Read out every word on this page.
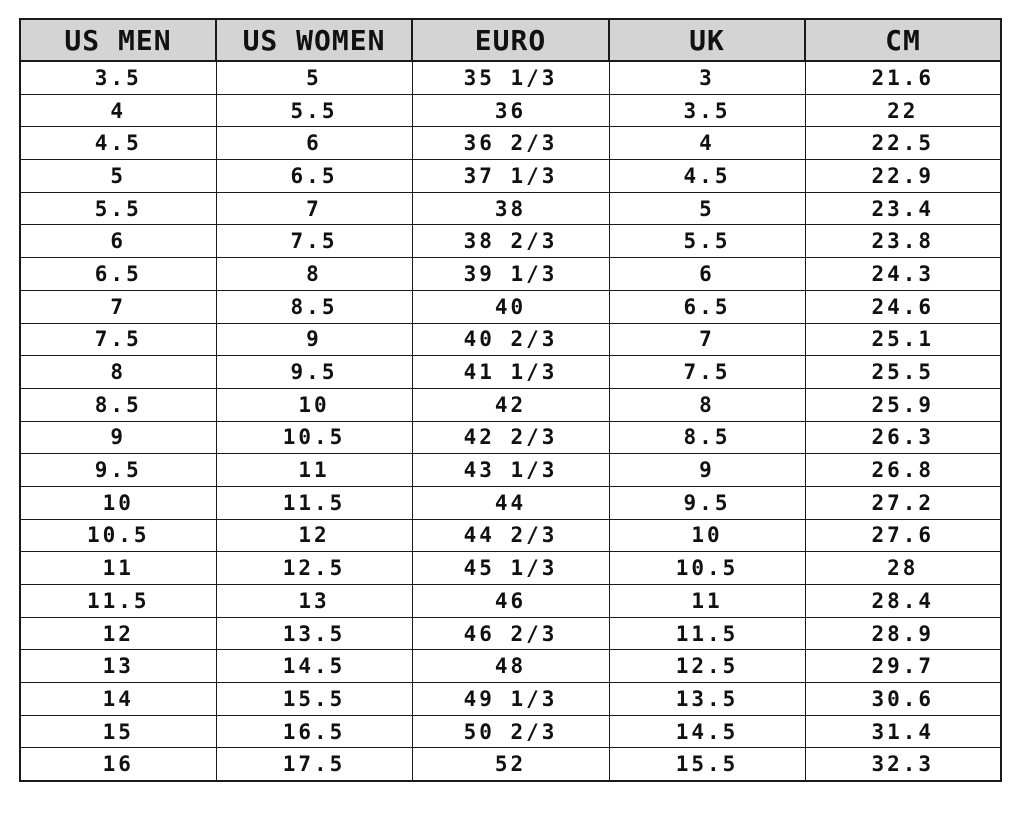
US MEN	US WOMEN	EURO	UK	CM
3.5	5	35 1/3	3	21.6
4	5.5	36	3.5	22
4.5	6	36 2/3	4	22.5
5	6.5	37 1/3	4.5	22.9
5.5	7	38	5	23.4
6	7.5	38 2/3	5.5	23.8
6.5	8	39 1/3	6	24.3
7	8.5	40	6.5	24.6
7.5	9	40 2/3	7	25.1
8	9.5	41 1/3	7.5	25.5
8.5	10	42	8	25.9
9	10.5	42 2/3	8.5	26.3
9.5	11	43 1/3	9	26.8
10	11.5	44	9.5	27.2
10.5	12	44 2/3	10	27.6
11	12.5	45 1/3	10.5	28
11.5	13	46	11	28.4
12	13.5	46 2/3	11.5	28.9
13	14.5	48	12.5	29.7
14	15.5	49 1/3	13.5	30.6
15	16.5	50 2/3	14.5	31.4
16	17.5	52	15.5	32.3
